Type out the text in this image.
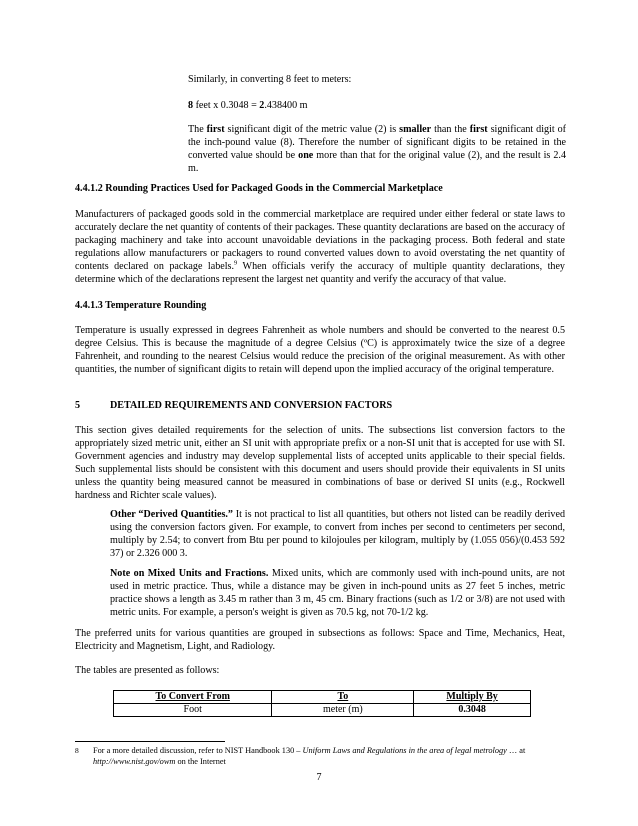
Similarly, in converting 8 feet to meters:

8 feet x 0.3048 = 2.438400 m

The first significant digit of the metric value (2) is smaller than the first significant digit of the inch-pound value (8). Therefore the number of significant digits to be retained in the converted value should be one more than that for the original value (2), and the result is 2.4 m.

4.4.1.2 Rounding Practices Used for Packaged Goods in the Commercial Marketplace

Manufacturers of packaged goods sold in the commercial marketplace are required under either federal or state laws to accurately declare the net quantity of contents of their packages. These quantity declarations are based on the accuracy of packaging machinery and take into account unavoidable deviations in the packaging process. Both federal and state regulations allow manufacturers or packagers to round converted values down to avoid overstating the net quantity of contents declared on package labels.$^9$ When officials verify the accuracy of multiple quantity declarations, they determine which of the declarations represent the largest net quantity and verify the accuracy of that value.

4.4.1.3 Temperature Rounding

Temperature is usually expressed in degrees Fahrenheit as whole numbers and should be converted to the nearest 0.5 degree Celsius. This is because the magnitude of a degree Celsius (ºC) is approximately twice the size of a degree Fahrenheit, and rounding to the nearest Celsius would reduce the precision of the original measurement. As with other quantities, the number of significant digits to retain will depend upon the implied accuracy of the original temperature.

5	DETAILED REQUIREMENTS AND CONVERSION FACTORS

This section gives detailed requirements for the selection of units. The subsections list conversion factors to the appropriately sized metric unit, either an SI unit with appropriate prefix or a non-SI unit that is accepted for use with SI. Government agencies and industry may develop supplemental lists of accepted units applicable to their special fields. Such supplemental lists should be consistent with this document and users should provide their equivalents in SI units unless the quantity being measured cannot be measured in combinations of base or derived SI units (e.g., Rockwell hardness and Richter scale values).

Other “Derived Quantities.” It is not practical to list all quantities, but others not listed can be readily derived using the conversion factors given. For example, to convert from inches per second to centimeters per second, multiply by 2.54; to convert from Btu per pound to kilojoules per kilogram, multiply by (1.055 056)/(0.453 592 37) or 2.326 000 3.

Note on Mixed Units and Fractions. Mixed units, which are commonly used with inch-pound units, are not used in metric practice. Thus, while a distance may be given in inch-pound units as 27 feet 5 inches, metric practice shows a length as 3.45 m rather than 3 m, 45 cm. Binary fractions (such as 1/2 or 3/8) are not used with metric units. For example, a person's weight is given as 70.5 kg, not 70-1/2 kg.

The preferred units for various quantities are grouped in subsections as follows: Space and Time, Mechanics, Heat, Electricity and Magnetism, Light, and Radiology.

The tables are presented as follows:

To Convert From	To	Multiply By
Foot	meter (m)	0.3048
8 For a more detailed discussion, refer to NIST Handbook 130 – Uniform Laws and Regulations in the area of legal metrology … at
http://www.nist.gov/owm on the Internet

7
